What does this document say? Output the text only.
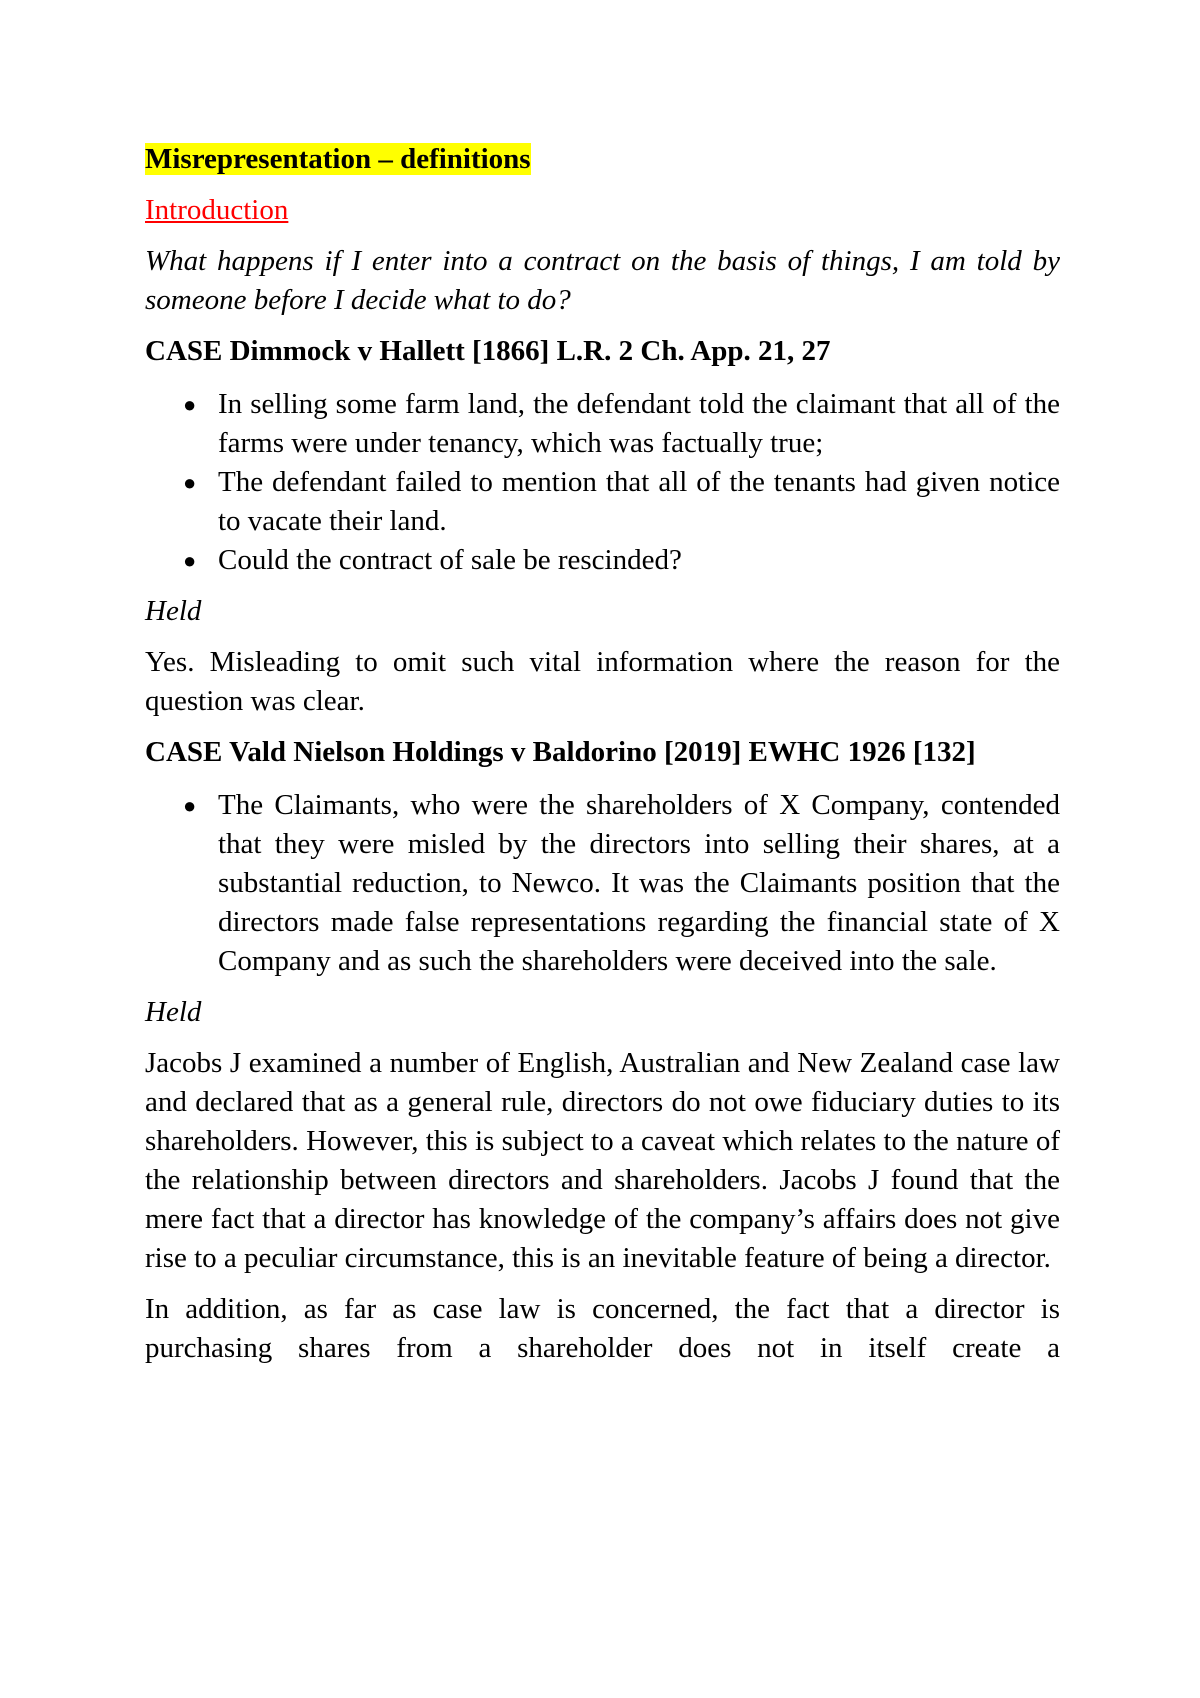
Misrepresentation – definitions
Introduction
What happens if I enter into a contract on the basis of things, I am told by someone before I decide what to do?
CASE Dimmock v Hallett [1866] L.R. 2 Ch. App. 21, 27
● In selling some farm land, the defendant told the claimant that all of the farms were under tenancy, which was factually true;
● The defendant failed to mention that all of the tenants had given notice to vacate their land.
● Could the contract of sale be rescinded?
Held
Yes. Misleading to omit such vital information where the reason for the question was clear.
CASE Vald Nielson Holdings v Baldorino [2019] EWHC 1926 [132]
● The Claimants, who were the shareholders of X Company, contended that they were misled by the directors into selling their shares, at a substantial reduction, to Newco. It was the Claimants position that the directors made false representations regarding the financial state of X Company and as such the shareholders were deceived into the sale.
Held
Jacobs J examined a number of English, Australian and New Zealand case law and declared that as a general rule, directors do not owe fiduciary duties to its shareholders. However, this is subject to a caveat which relates to the nature of the relationship between directors and shareholders. Jacobs J found that the mere fact that a director has knowledge of the company’s affairs does not give rise to a peculiar circumstance, this is an inevitable feature of being a director.
In addition, as far as case law is concerned, the fact that a director is purchasing shares from a shareholder does not in itself create a
